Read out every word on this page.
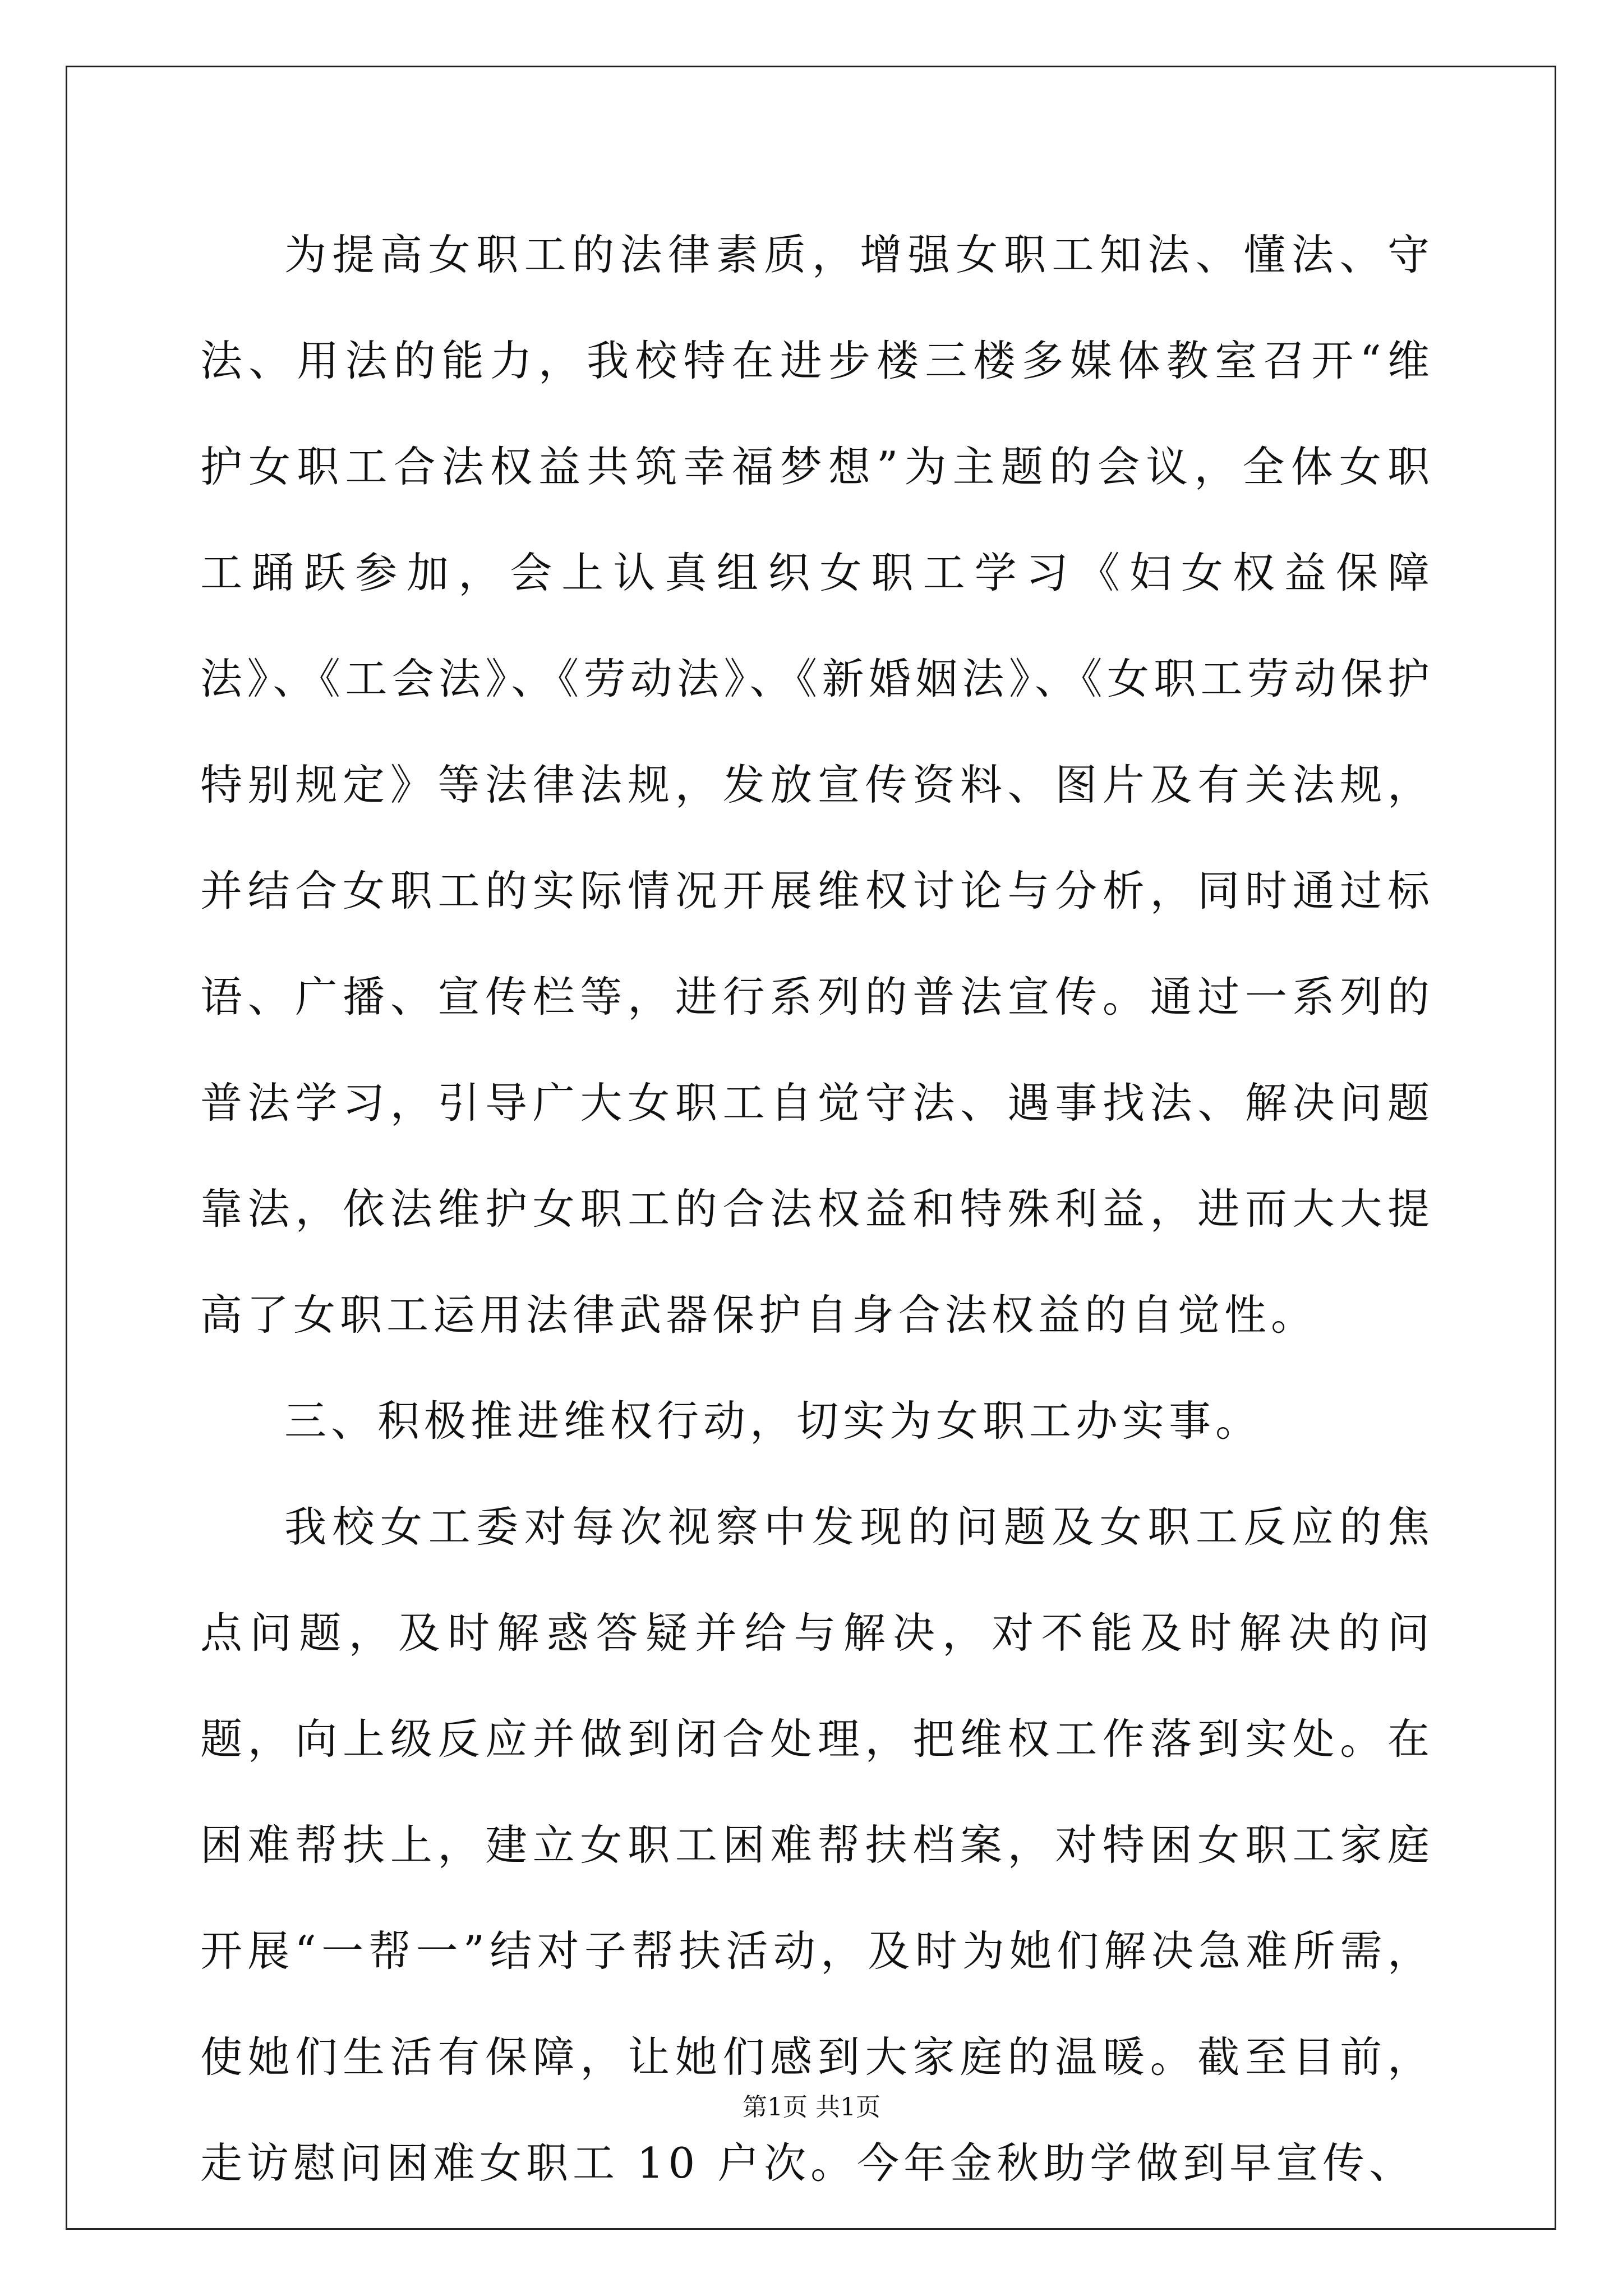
为提高女职工的法律素质，增强女职工知法、懂法、守法、用法的能力，我校特在进步楼三楼多媒体教室召开“维护女职工合法权益共筑幸福梦想”为主题的会议，全体女职工踊跃参加，会上认真组织女职工学习《妇女权益保障法》、《工会法》、《劳动法》、《新婚姻法》、《女职工劳动保护特别规定》等法律法规，发放宣传资料、图片及有关法规，并结合女职工的实际情况开展维权讨论与分析，同时通过标语、广播、宣传栏等，进行系列的普法宣传。通过一系列的普法学习，引导广大女职工自觉守法、遇事找法、解决问题靠法，依法维护女职工的合法权益和特殊利益，进而大大提高了女职工运用法律武器保护自身合法权益的自觉性。

三、积极推进维权行动，切实为女职工办实事。

我校女工委对每次视察中发现的问题及女职工反应的焦点问题，及时解惑答疑并给与解决，对不能及时解决的问题，向上级反应并做到闭合处理，把维权工作落到实处。在困难帮扶上，建立女职工困难帮扶档案，对特困女职工家庭开展“一帮一”结对子帮扶活动，及时为她们解决急难所需，使她们生活有保障，让她们感到大家庭的温暖。截至目前，走访慰问困难女职工 10 户次。今年金秋助学做到早宣传、

第1页 共1页
